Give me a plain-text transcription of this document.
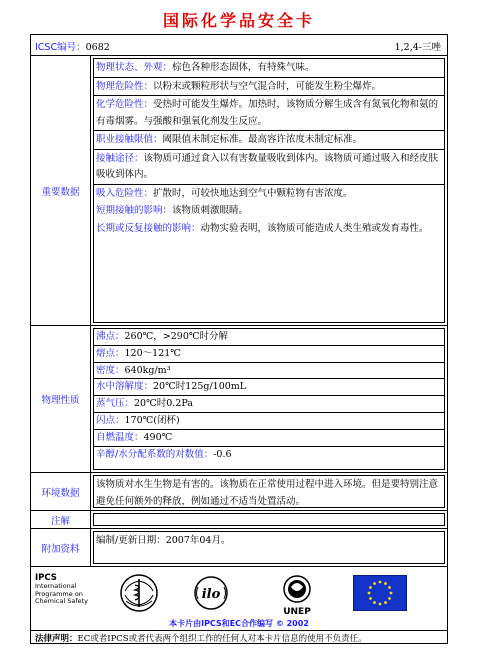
国际化学品安全卡
ICSC编号：0682	1,2,4-三唑
重要数据
物理状态、外观：棕色各种形态固体，有特殊气味。
物理危险性：以粉末或颗粒形状与空气混合时，可能发生粉尘爆炸。
化学危险性：受热时可能发生爆炸。加热时，该物质分解生成含有氮氧化物和氨的有毒烟雾。与强酸和强氧化剂发生反应。
职业接触限值：阈限值未制定标准。最高容许浓度未制定标准。
接触途径：该物质可通过食入以有害数量吸收到体内。该物质可通过吸入和经皮肤吸收到体内。
吸入危险性：扩散时，可较快地达到空气中颗粒物有害浓度。
短期接触的影响：该物质刺激眼睛。
长期或反复接触的影响：动物实验表明，该物质可能造成人类生殖或发育毒性。
物理性质
沸点：260℃，>290℃时分解
熔点：120～121℃
密度：640kg/m³
水中溶解度：20℃时125g/100mL
蒸气压：20℃时0.2Pa
闪点：170℃(闭杯)
自燃温度：490℃
辛醇/水分配系数的对数值：-0.6
环境数据
该物质对水生生物是有害的。该物质在正常使用过程中进入环境。但是要特别注意避免任何额外的释放，例如通过不适当处置活动。
注解
附加资料
编制/更新日期：2007年04月。
IPCS
International
Programme on
Chemical Safety	ilo
UNEP
本卡片由IPCS和EC合作编写 © 2002
法律声明：EC或者IPCS或者代表两个组织工作的任何人对本卡片信息的使用不负责任。
